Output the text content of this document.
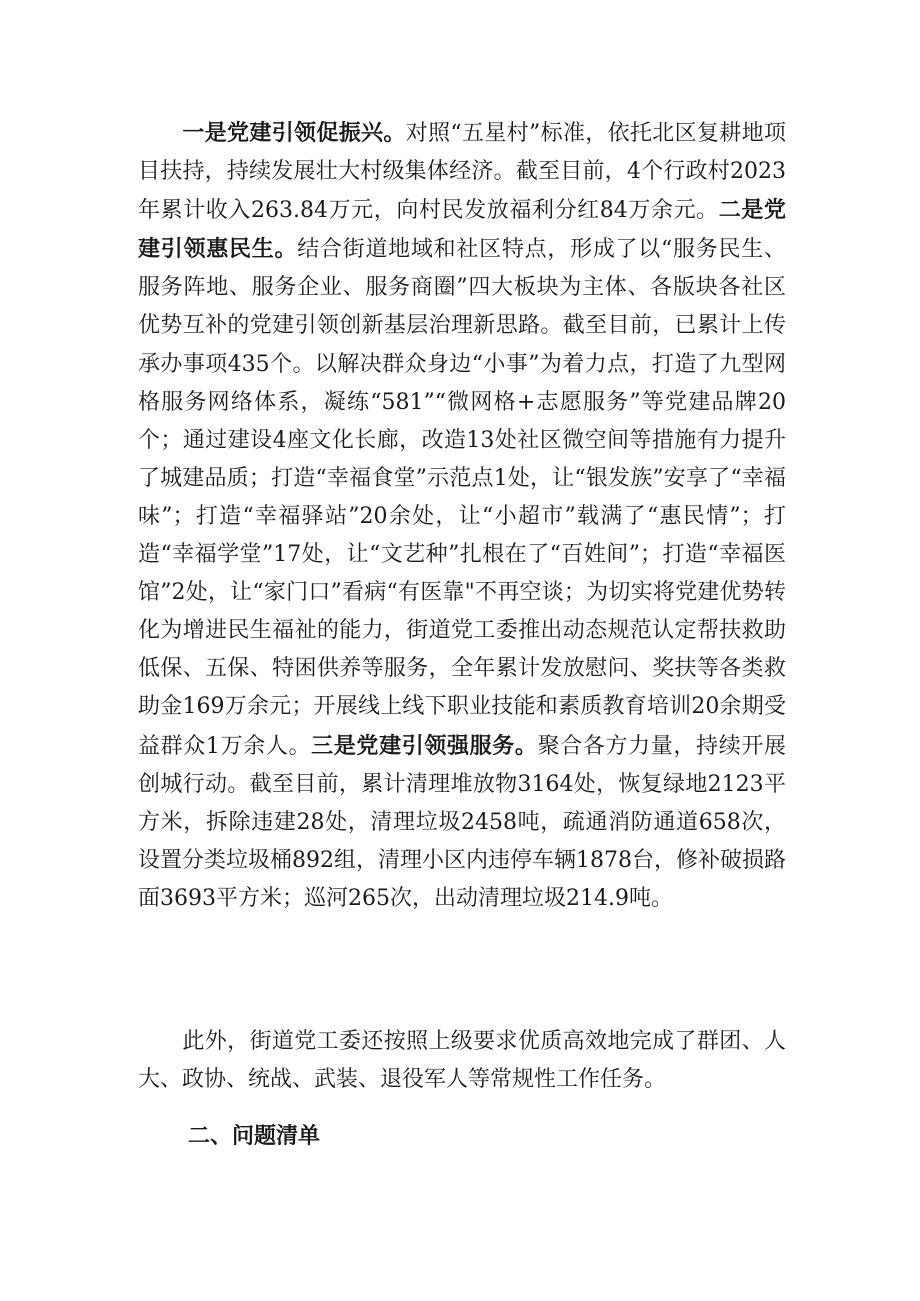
一是党建引领促振兴。对照“五星村”标准，依托北区复耕地项目扶持，持续发展壮大村级集体经济。截至目前，4个行政村2023年累计收入263.84万元，向村民发放福利分红84万余元。二是党建引领惠民生。结合街道地域和社区特点，形成了以“服务民生、服务阵地、服务企业、服务商圈”四大板块为主体、各版块各社区优势互补的党建引领创新基层治理新思路。截至目前，已累计上传承办事项435个。以解决群众身边“小事”为着力点，打造了九型网格服务网络体系，凝练“581”“微网格+志愿服务”等党建品牌20个；通过建设4座文化长廊，改造13处社区微空间等措施有力提升了城建品质；打造“幸福食堂”示范点1处，让“银发族”安享了“幸福味”；打造“幸福驿站”20余处，让“小超市”载满了“惠民情”；打造“幸福学堂”17处，让“文艺种”扎根在了“百姓间”；打造“幸福医馆”2处，让“家门口”看病“有医靠"不再空谈；为切实将党建优势转化为增进民生福祉的能力，街道党工委推出动态规范认定帮扶救助低保、五保、特困供养等服务，全年累计发放慰问、奖扶等各类救助金169万余元；开展线上线下职业技能和素质教育培训20余期受益群众1万余人。三是党建引领强服务。聚合各方力量，持续开展创城行动。截至目前，累计清理堆放物3164处，恢复绿地2123平方米，拆除违建28处，清理垃圾2458吨，疏通消防通道658次，设置分类垃圾桶892组，清理小区内违停车辆1878台，修补破损路面3693平方米；巡河265次，出动清理垃圾214.9吨。

此外，街道党工委还按照上级要求优质高效地完成了群团、人大、政协、统战、武装、退役军人等常规性工作任务。

二、问题清单
